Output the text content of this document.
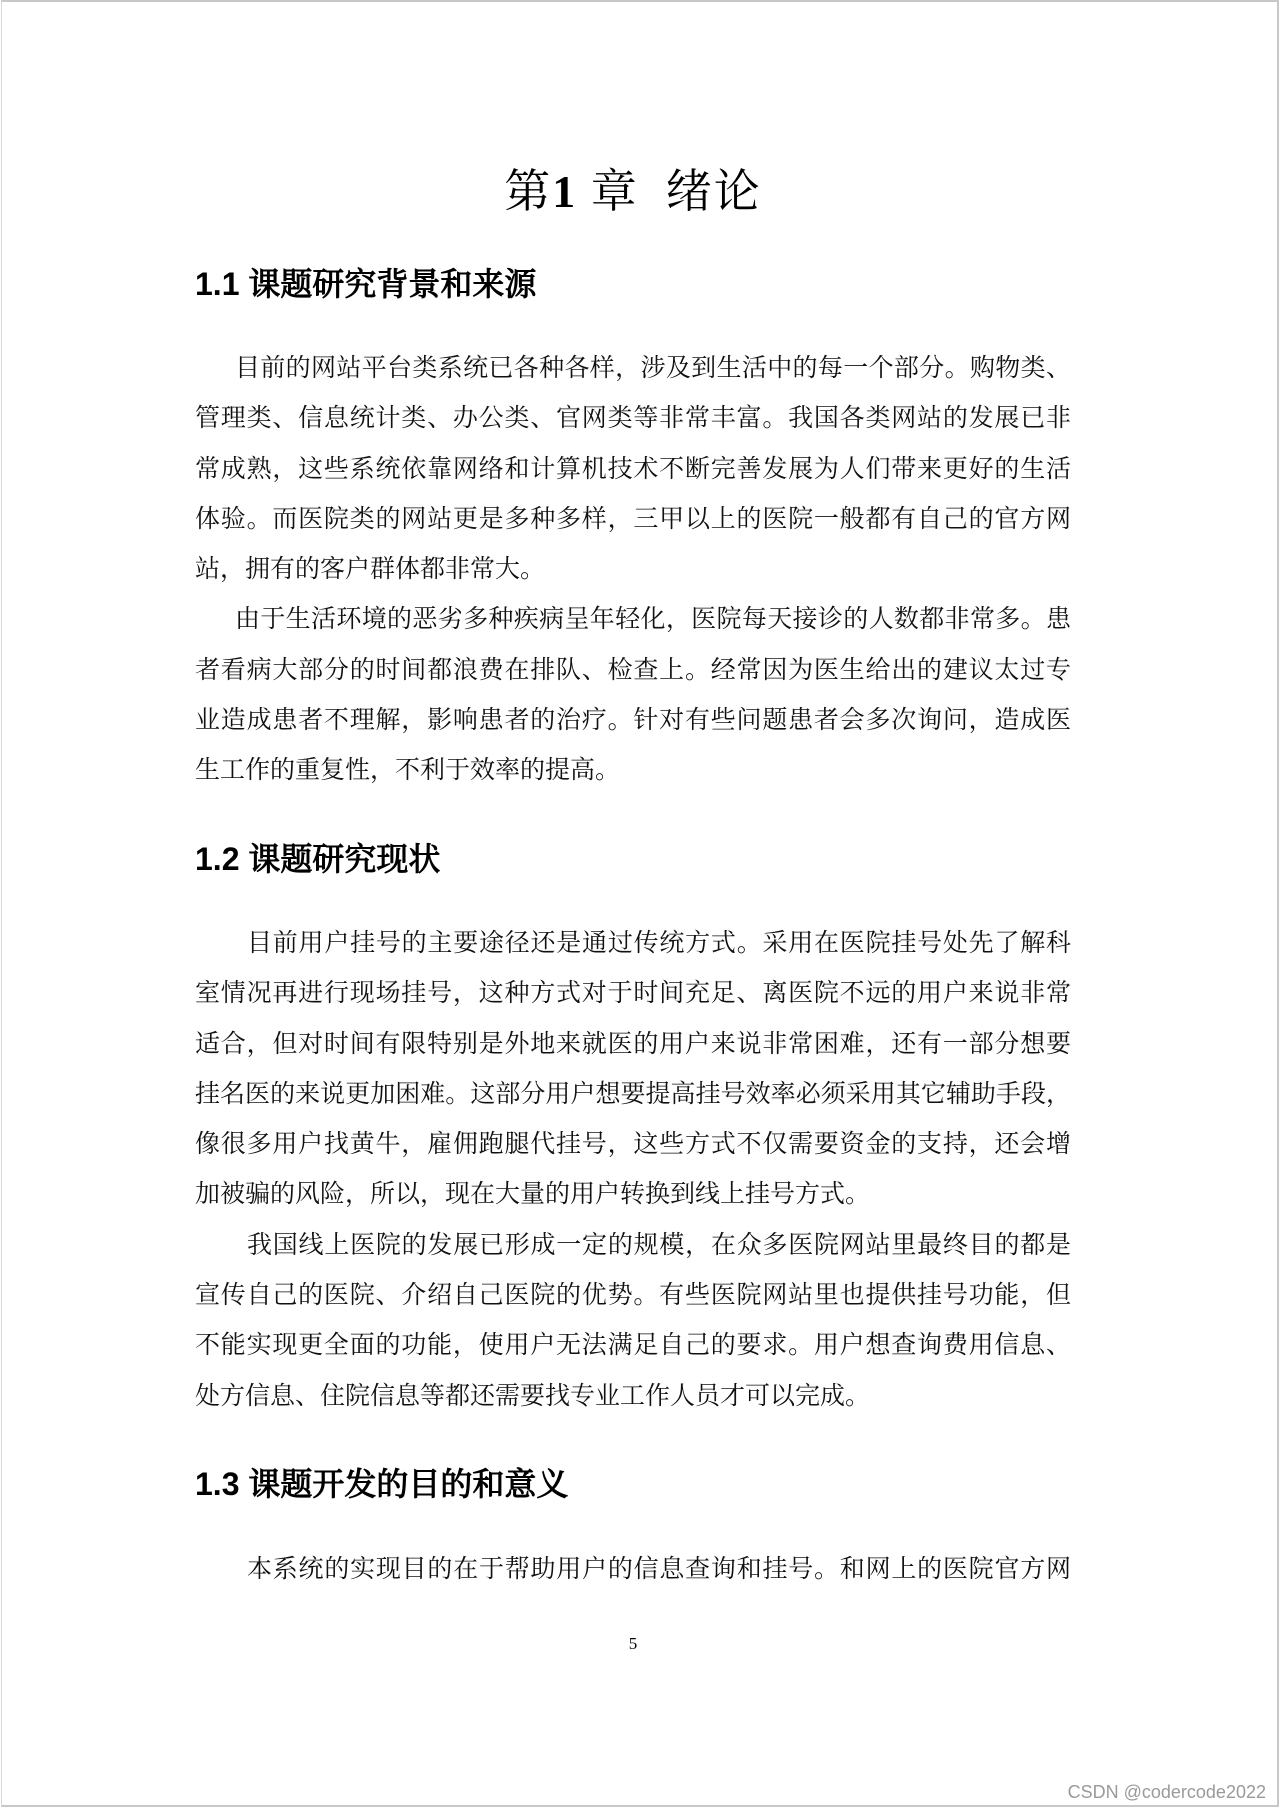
第1 章  绪论
1.1 课题研究背景和来源
目前的网站平台类系统已各种各样，涉及到生活中的每一个部分。购物类、
管理类、信息统计类、办公类、官网类等非常丰富。我国各类网站的发展已非
常成熟，这些系统依靠网络和计算机技术不断完善发展为人们带来更好的生活
体验。而医院类的网站更是多种多样，三甲以上的医院一般都有自己的官方网
站，拥有的客户群体都非常大。
由于生活环境的恶劣多种疾病呈年轻化，医院每天接诊的人数都非常多。患
者看病大部分的时间都浪费在排队、检查上。经常因为医生给出的建议太过专
业造成患者不理解，影响患者的治疗。针对有些问题患者会多次询问，造成医
生工作的重复性，不利于效率的提高。
1.2 课题研究现状
目前用户挂号的主要途径还是通过传统方式。采用在医院挂号处先了解科
室情况再进行现场挂号，这种方式对于时间充足、离医院不远的用户来说非常
适合，但对时间有限特别是外地来就医的用户来说非常困难，还有一部分想要
挂名医的来说更加困难。这部分用户想要提高挂号效率必须采用其它辅助手段，
像很多用户找黄牛，雇佣跑腿代挂号，这些方式不仅需要资金的支持，还会增
加被骗的风险，所以，现在大量的用户转换到线上挂号方式。
我国线上医院的发展已形成一定的规模，在众多医院网站里最终目的都是
宣传自己的医院、介绍自己医院的优势。有些医院网站里也提供挂号功能，但
不能实现更全面的功能，使用户无法满足自己的要求。用户想查询费用信息、
处方信息、住院信息等都还需要找专业工作人员才可以完成。
1.3 课题开发的目的和意义
本系统的实现目的在于帮助用户的信息查询和挂号。和网上的医院官方网
5
CSDN @codercode2022
